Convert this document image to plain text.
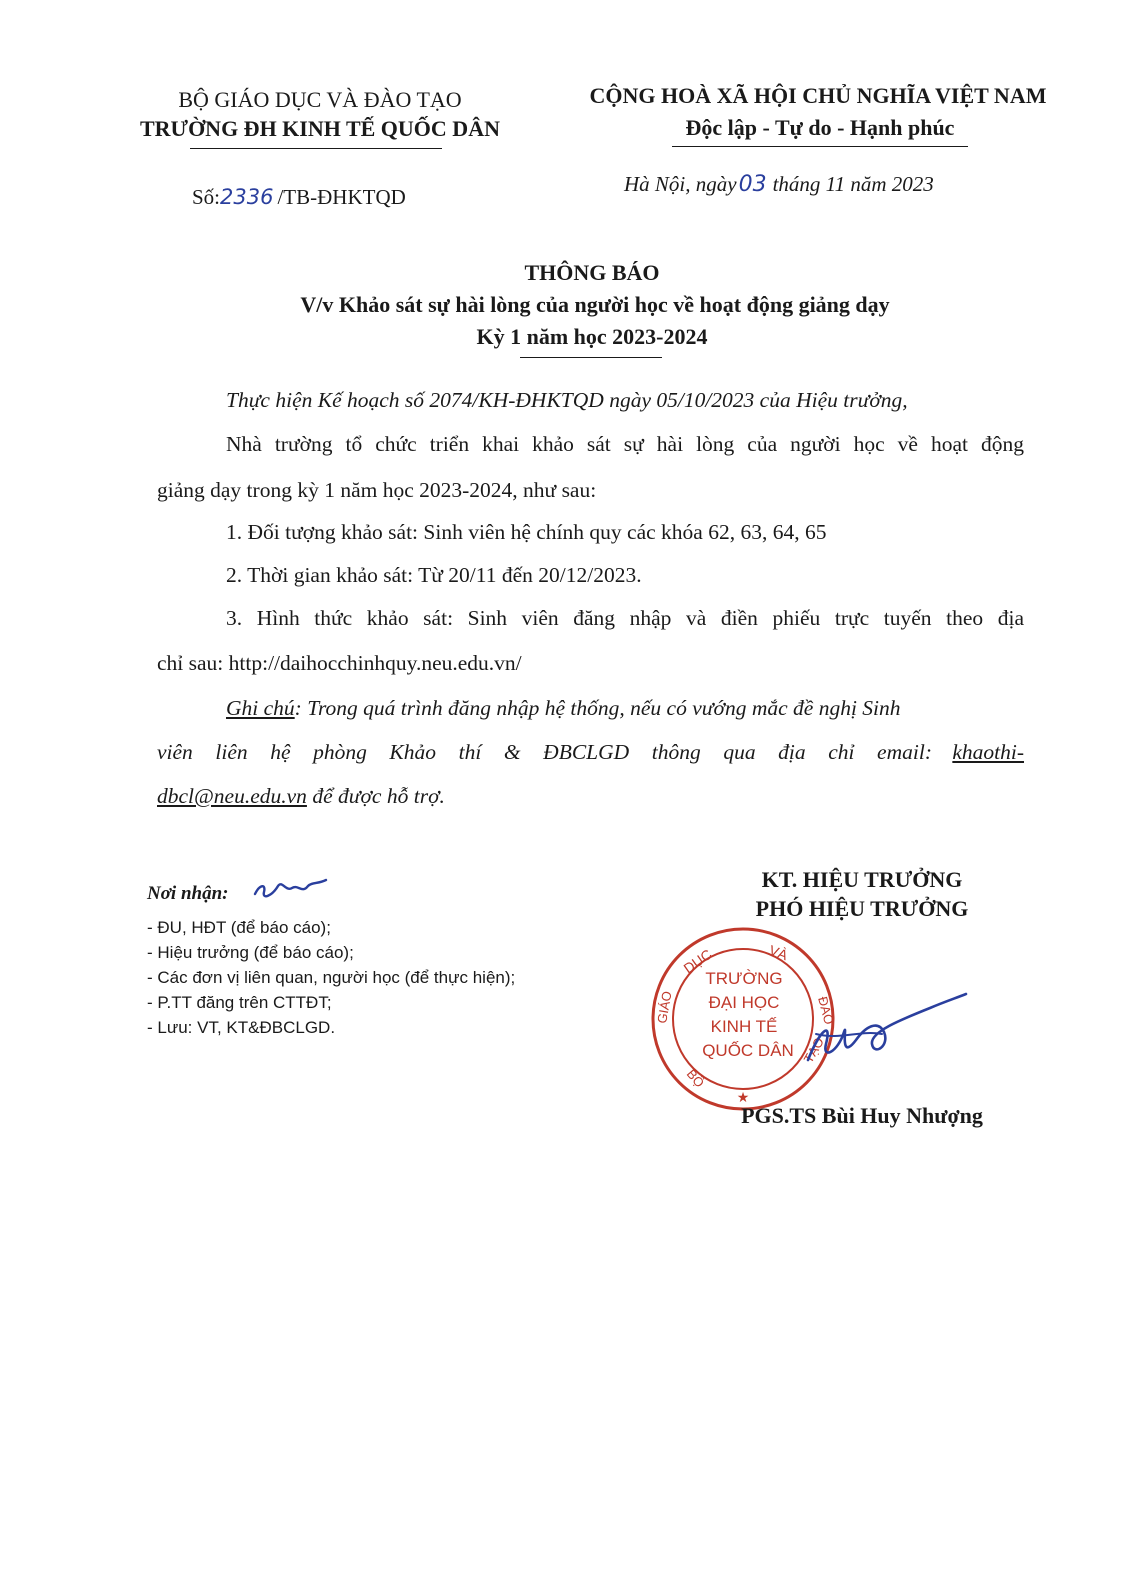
BỘ GIÁO DỤC VÀ ĐÀO TẠO
TRƯỜNG ĐH KINH TẾ QUỐC DÂN
CỘNG HOÀ XÃ HỘI CHỦ NGHĨA VIỆT NAM
Độc lập - Tự do - Hạnh phúc
Số:2336 /TB-ĐHKTQD
Hà Nội, ngày03 tháng 11 năm 2023
THÔNG BÁO
V/v Khảo sát sự hài lòng của người học về hoạt động giảng dạy
Kỳ 1 năm học 2023-2024
Thực hiện Kế hoạch số 2074/KH-ĐHKTQD ngày 05/10/2023 của Hiệu trưởng,
Nhà trường tổ chức triển khai khảo sát sự hài lòng của người học về hoạt động
giảng dạy trong kỳ 1 năm học 2023-2024, như sau:
1. Đối tượng khảo sát: Sinh viên hệ chính quy các khóa 62, 63, 64, 65
2. Thời gian khảo sát: Từ 20/11 đến 20/12/2023.
3. Hình thức khảo sát: Sinh viên đăng nhập và điền phiếu trực tuyến theo địa
chỉ sau: http://daihocchinhquy.neu.edu.vn/
Ghi chú: Trong quá trình đăng nhập hệ thống, nếu có vướng mắc đề nghị Sinh
viên liên hệ phòng Khảo thí & ĐBCLGD thông qua địa chỉ email: khaothi-
dbcl@neu.edu.vn để được hỗ trợ.
Nơi nhận:
- ĐU, HĐT (để báo cáo);
- Hiệu trưởng (để báo cáo);
- Các đơn vị liên quan, người học (để thực hiện);
- P.TT đăng trên CTTĐT;
- Lưu: VT, KT&ĐBCLGD.
KT. HIỆU TRƯỞNG
PHÓ HIỆU TRƯỞNG
DỤC	VÀ
GIÁO	ĐÀO
BỘ
TẠO
★
TRƯỜNG
ĐẠI HỌC
KINH TẾ
QUỐC DÂN
PGS.TS Bùi Huy Nhượng
